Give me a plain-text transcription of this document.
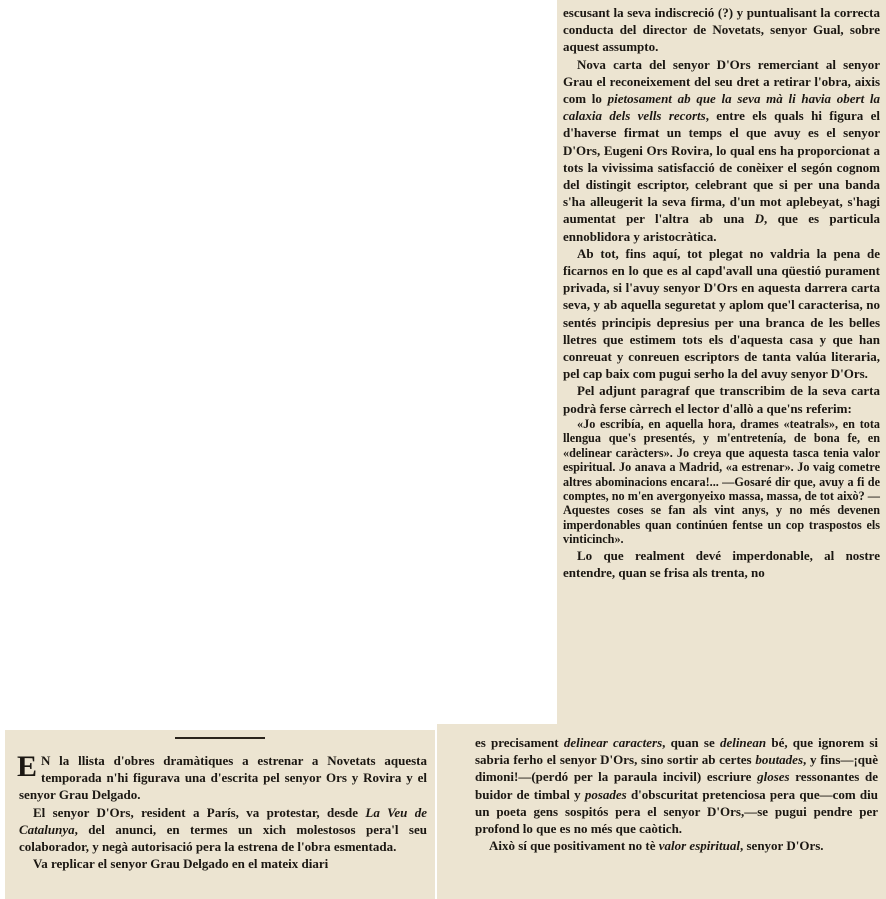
escusant la seva indiscreció (?) y puntualisant la correcta conducta del director de Novetats, senyor Gual, sobre aquest assumpto.

Nova carta del senyor D'Ors remerciant al senyor Grau el reconeixement del seu dret a retirar l'obra, aixis com lo pietosament ab que la seva mà li havia obert la calaxia dels vells recorts, entre els quals hi figura el d'haverse firmat un temps el que avuy es el senyor D'Ors, Eugeni Ors Rovira, lo qual ens ha proporcionat a tots la vivissima satisfacció de conèixer el segón cognom del distingit escriptor, celebrant que si per una banda s'ha alleugerit la seva firma, d'un mot aplebeyat, s'hagi aumentat per l'altra ab una D, que es particula ennoblidora y aristocràtica.

Ab tot, fins aquí, tot plegat no valdria la pena de ficarnos en lo que es al capd'avall una qüestió purament privada, si l'avuy senyor D'Ors en aquesta darrera carta seva, y ab aquella seguretat y aplom que'l caracterisa, no sentés principis depresius per una branca de les belles lletres que estimem tots els d'aquesta casa y que han conreuat y conreuen escriptors de tanta valúa literaria, pel cap baix com pugui serho la del avuy senyor D'Ors.

Pel adjunt paragraf que transcribim de la seva carta podrà ferse càrrech el lector d'allò a que'ns referim:

«Jo escribía, en aquella hora, drames «teatrals», en tota llengua que's presentés, y m'entretenía, de bona fe, en «delinear caràcters». Jo creya que aquesta tasca tenia valor espiritual. Jo anava a Madrid, «a estrenar». Jo vaig cometre altres abominacions encara!... —Gosaré dir que, avuy a fi de comptes, no m'en avergonyeixo massa, massa, de tot això? —Aquestes coses se fan als vint anys, y no més devenen imperdonables quan continúen fentse un cop traspostos els vinticinch».

Lo que realment devé imperdonable, al nostre entendre, quan se frisa als trenta, no

E N la llista d'obres dramàtiques a estrenar a Novetats aquesta temporada n'hi figurava una d'escrita pel senyor Ors y Rovira y el senyor Grau Delgado.

El senyor D'Ors, resident a París, va protestar, desde La Veu de Catalunya, del anunci, en termes un xich molestosos pera'l seu colaborador, y negà autorisació pera la estrena de l'obra esmentada.

Va replicar el senyor Grau Delgado en el mateix diari

es precisament delinear caracters, quan se delinean bé, que ignorem si sabria ferho el senyor D'Ors, sino sortir ab certes boutades, y fins—¡què dimoni!—(perdó per la paraula incivil) escriure gloses ressonantes de buidor de timbal y posades d'obscuritat pretenciosa pera que—com diu un poeta gens sospitós pera el senyor D'Ors,—se pugui pendre per profond lo que es no més que caòtich.

Això sí que positivament no tè valor espiritual, senyor D'Ors.
